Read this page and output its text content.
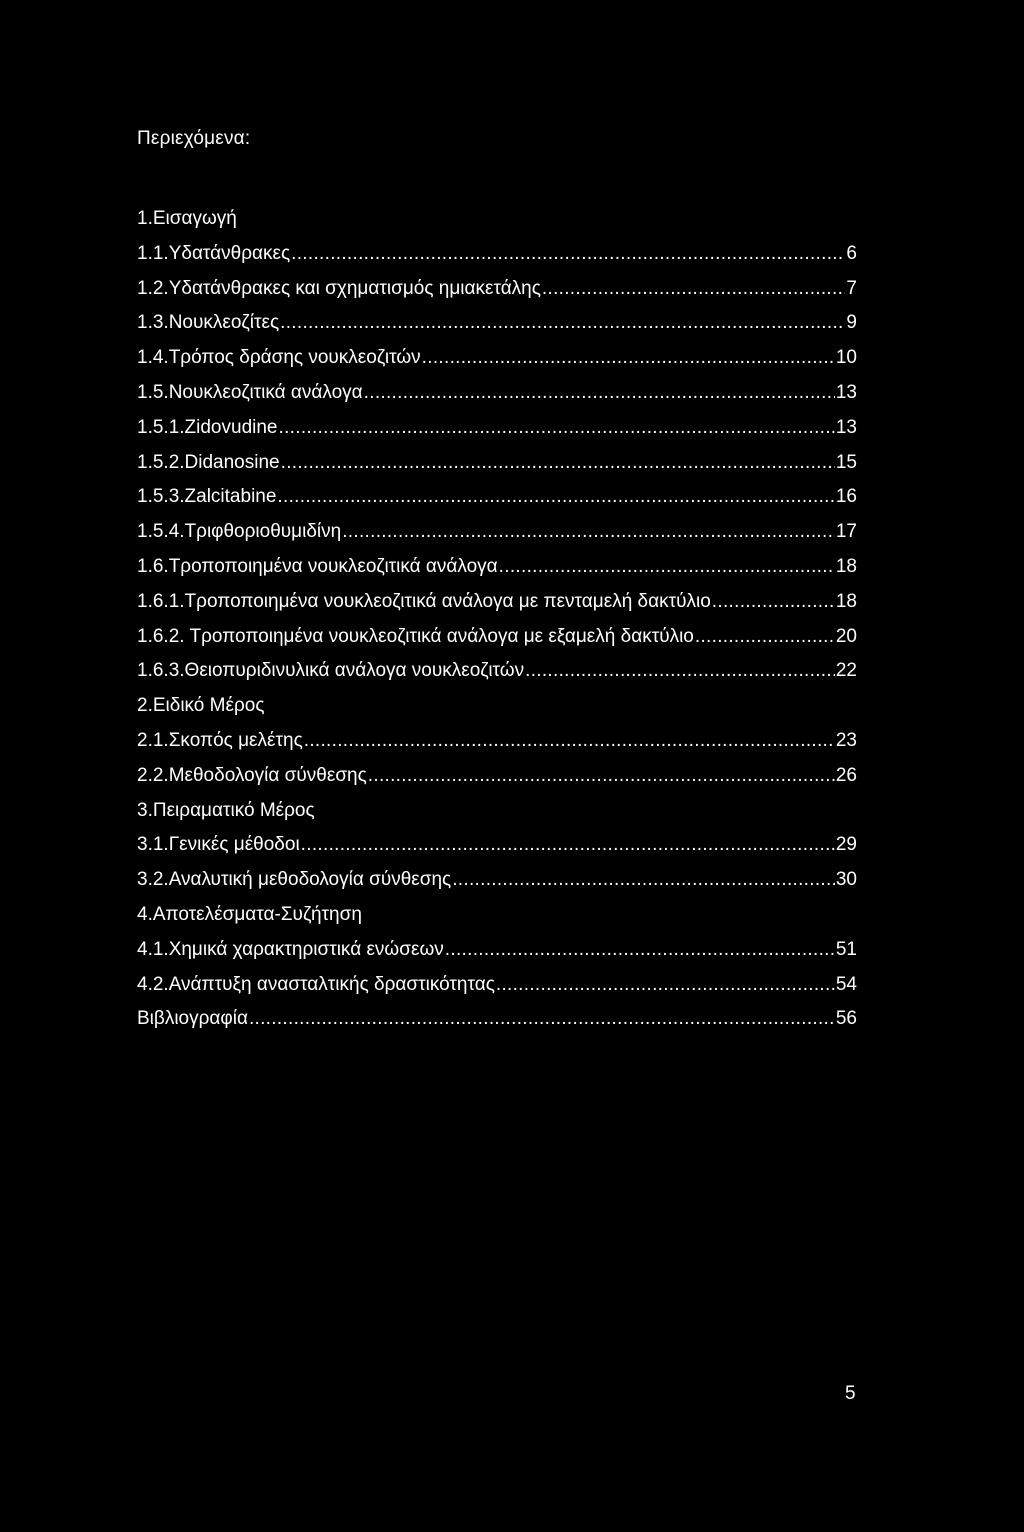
Περιεχόμενα:
1.Εισαγωγή
1.1.Υδατάνθρακες .....	6
1.2.Υδατάνθρακες και σχηματισμός ημιακετάλης .....	7
1.3.Νουκλεοζίτες .....	9
1.4.Τρόπος δράσης νουκλεοζιτών .....	10
1.5.Νουκλεοζιτικά ανάλογα .....	13
1.5.1.Zidovudine .....	13
1.5.2.Didanosine .....	15
1.5.3.Zalcitabine .....	16
1.5.4.Τριφθοριοθυμιδίνη .....	17
1.6.Τροποποιημένα νουκλεοζιτικά ανάλογα .....	18
1.6.1.Τροποποιημένα νουκλεοζιτικά ανάλογα με πενταμελή δακτύλιο .....	18
1.6.2. Τροποποιημένα νουκλεοζιτικά ανάλογα με εξαμελή δακτύλιο .....	20
1.6.3.Θειοπυριδινυλικά ανάλογα νουκλεοζιτών .....	22
2.Ειδικό Μέρος
2.1.Σκοπός μελέτης .....	23
2.2.Μεθοδολογία σύνθεσης .....	26
3.Πειραματικό Μέρος
3.1.Γενικές μέθοδοι .....	29
3.2.Αναλυτική μεθοδολογία σύνθεσης .....	30
4.Αποτελέσματα-Συζήτηση
4.1.Χημικά χαρακτηριστικά ενώσεων .....	51
4.2.Ανάπτυξη ανασταλτικής δραστικότητας .....	54
Βιβλιογραφία .....	56
5
